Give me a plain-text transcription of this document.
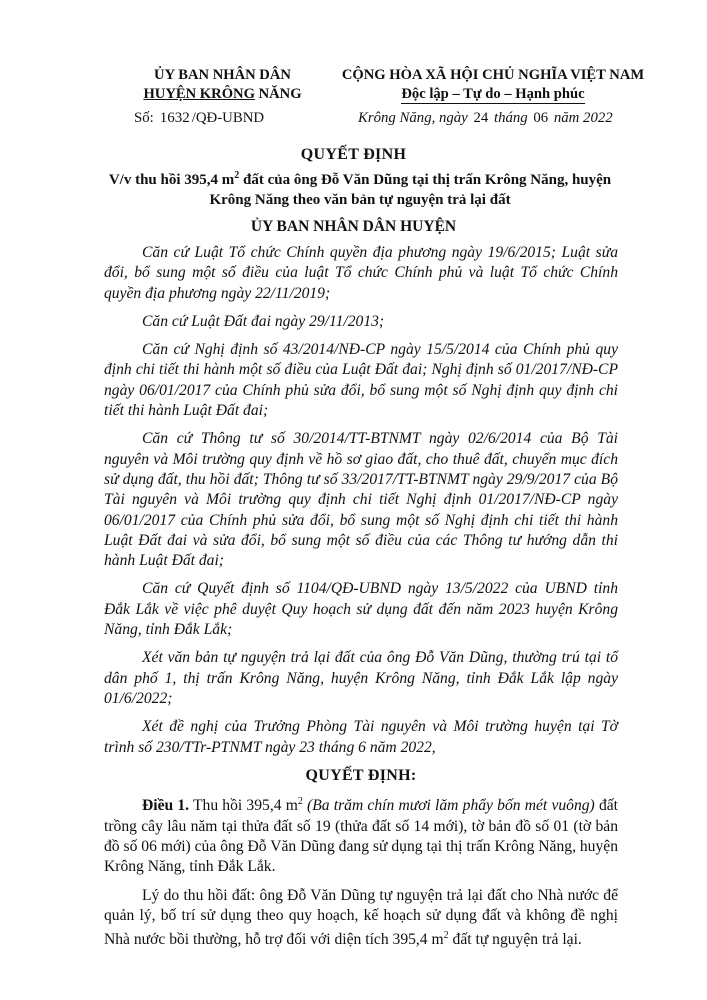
ỦY BAN NHÂN DÂN
HUYỆN KRÔNG NĂNG
CỘNG HÒA XÃ HỘI CHỦ NGHĨA VIỆT NAM
Độc lập – Tự do – Hạnh phúc
Số: 1632 /QĐ-UBND	Krông Năng, ngày 24 tháng 06 năm 2022
QUYẾT ĐỊNH
V/v thu hồi 395,4 $m^2$ đất của ông Đỗ Văn Dũng tại thị trấn Krông Năng, huyện Krông Năng theo văn bản tự nguyện trả lại đất
ỦY BAN NHÂN DÂN HUYỆN

Căn cứ Luật Tổ chức Chính quyền địa phương ngày 19/6/2015; Luật sửa đổi, bổ sung một số điều của luật Tổ chức Chính phủ và luật Tổ chức Chính quyền địa phương ngày 22/11/2019;

Căn cứ Luật Đất đai ngày 29/11/2013;

Căn cứ Nghị định số 43/2014/NĐ-CP ngày 15/5/2014 của Chính phủ quy định chi tiết thi hành một số điều của Luật Đất đai; Nghị định số 01/2017/NĐ-CP ngày 06/01/2017 của Chính phủ sửa đổi, bổ sung một số Nghị định quy định chi tiết thi hành Luật Đất đai;

Căn cứ Thông tư số 30/2014/TT-BTNMT ngày 02/6/2014 của Bộ Tài nguyên và Môi trường quy định về hồ sơ giao đất, cho thuê đất, chuyển mục đích sử dụng đất, thu hồi đất; Thông tư số 33/2017/TT-BTNMT ngày 29/9/2017 của Bộ Tài nguyên và Môi trường quy định chi tiết Nghị định 01/2017/NĐ-CP ngày 06/01/2017 của Chính phủ sửa đổi, bổ sung một số Nghị định chi tiết thi hành Luật Đất đai và sửa đổi, bổ sung một số điều của các Thông tư hướng dẫn thi hành Luật Đất đai;

Căn cứ Quyết định số 1104/QĐ-UBND ngày 13/5/2022 của UBND tỉnh Đắk Lắk về việc phê duyệt Quy hoạch sử dụng đất đến năm 2023 huyện Krông Năng, tỉnh Đắk Lắk;

Xét văn bản tự nguyện trả lại đất của ông Đỗ Văn Dũng, thường trú tại tổ dân phố 1, thị trấn Krông Năng, huyện Krông Năng, tỉnh Đắk Lắk lập ngày 01/6/2022;

Xét đề nghị của Trưởng Phòng Tài nguyên và Môi trường huyện tại Tờ trình số 230/TTr-PTNMT ngày 23 tháng 6 năm 2022,

QUYẾT ĐỊNH:

Điều 1. Thu hồi 395,4 $m^2$ (Ba trăm chín mươi lăm phẩy bốn mét vuông) đất trồng cây lâu năm tại thửa đất số 19 (thửa đất số 14 mới), tờ bản đồ số 01 (tờ bản đồ số 06 mới) của ông Đỗ Văn Dũng đang sử dụng tại thị trấn Krông Năng, huyện Krông Năng, tỉnh Đắk Lắk.

Lý do thu hồi đất: ông Đỗ Văn Dũng tự nguyện trả lại đất cho Nhà nước để quản lý, bố trí sử dụng theo quy hoạch, kế hoạch sử dụng đất và không đề nghị Nhà nước bồi thường, hỗ trợ đối với diện tích 395,4 $m^2$ đất tự nguyện trả lại.
